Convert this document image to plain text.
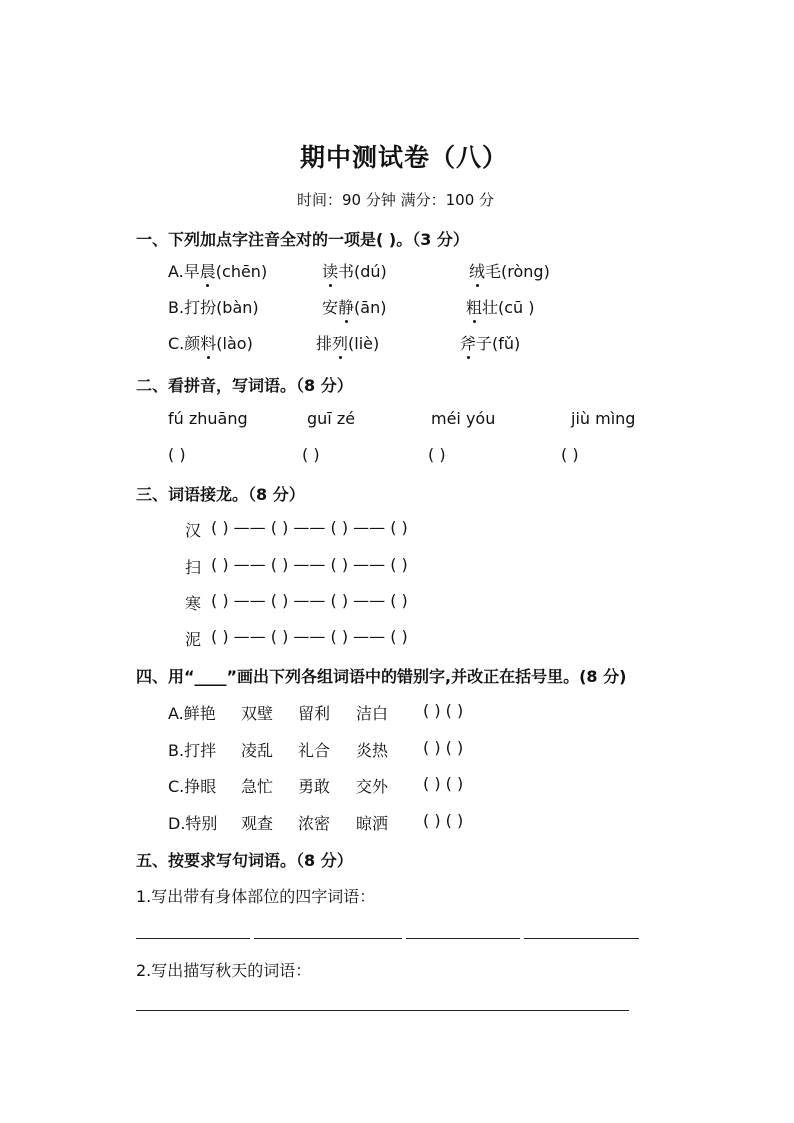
期中测试卷（八）
时间：90 分钟 满分：100 分
一、下列加点字注音全对的一项是( )。（3 分）
A.早晨(chēn)	读书(dú)	绒毛(ròng)
B.打扮(bàn)	安静(ān)	粗壮(cū )
C.颜料(lào)	排列(liè)	斧子(fǔ)
二、看拼音，写词语。（8 分）
fú zhuāng	guī zé	méi yóu	jiù mìng
( )	( )	( )	( )
三、词语接龙。（8 分）
汉 ( ) —— ( ) —— ( ) —— ( )
扫 ( ) —— ( ) —— ( ) —— ( )
寒 ( ) —— ( ) —— ( ) —— ( )
泥 ( ) —— ( ) —— ( ) —— ( )
四、用“____”画出下列各组词语中的错别字,并改正在括号里。(8 分)
A.鲜艳 双壁 留利 洁白 ( ) ( )
B.打拌 凌乱 礼合 炎热 ( ) ( )
C.挣眼 急忙 勇敢 交外 ( ) ( )
D.特别 观查 浓密 晾洒 ( ) ( )
五、按要求写句词语。（8 分）
1.写出带有身体部位的四字词语：
2.写出描写秋天的词语：
